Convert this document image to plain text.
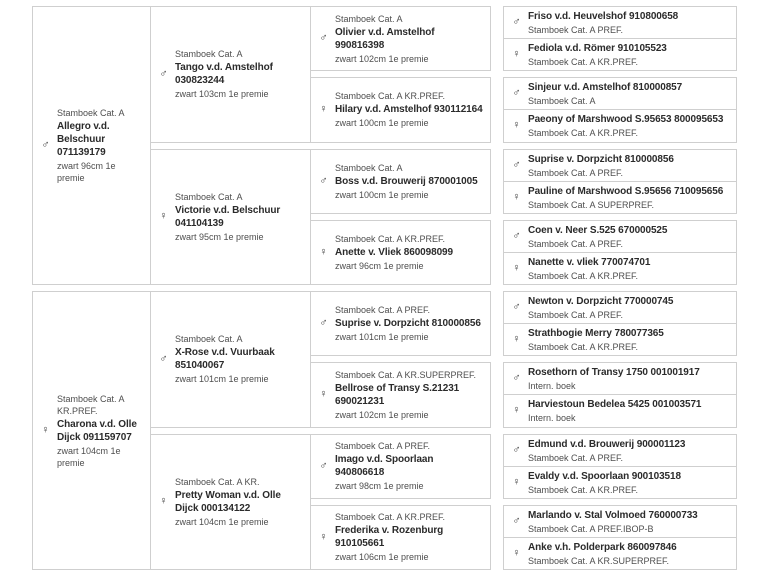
♂
Stamboek Cat. A
Allegro v.d. Belschuur 071139179
zwart 96cm 1e premie
♀
Stamboek Cat. A KR.PREF.
Charona v.d. Olle Dijck 091159707
zwart 104cm 1e premie
♂
Stamboek Cat. A
Tango v.d. Amstelhof 030823244
zwart 103cm 1e premie
♀
Stamboek Cat. A
Victorie v.d. Belschuur 041104139
zwart 95cm 1e premie
♂
Stamboek Cat. A
X-Rose v.d. Vuurbaak 851040067
zwart 101cm 1e premie
♀
Stamboek Cat. A KR.
Pretty Woman v.d. Olle Dijck 000134122
zwart 104cm 1e premie
♂
Stamboek Cat. A
Olivier v.d. Amstelhof 990816398
zwart 102cm 1e premie
♀
Stamboek Cat. A KR.PREF.
Hilary v.d. Amstelhof 930112164
zwart 100cm 1e premie
♂
Stamboek Cat. A
Boss v.d. Brouwerij 870001005
zwart 100cm 1e premie
♀
Stamboek Cat. A KR.PREF.
Anette v. Vliek 860098099
zwart 96cm 1e premie
♂
Stamboek Cat. A PREF.
Suprise v. Dorpzicht 810000856
zwart 101cm 1e premie
♀
Stamboek Cat. A KR.SUPERPREF.
Bellrose of Transy S.21231 690021231
zwart 102cm 1e premie
♂
Stamboek Cat. A PREF.
Imago v.d. Spoorlaan 940806618
zwart 98cm 1e premie
♀
Stamboek Cat. A KR.PREF.
Frederika v. Rozenburg 910105661
zwart 106cm 1e premie
♂ Friso v.d. Heuvelshof 910800658
Stamboek Cat. A PREF.
♀ Fediola v.d. Römer 910105523
Stamboek Cat. A KR.PREF.
♂ Sinjeur v.d. Amstelhof 810000857
Stamboek Cat. A
♀ Paeony of Marshwood S.95653 800095653
Stamboek Cat. A KR.PREF.
♂ Suprise v. Dorpzicht 810000856
Stamboek Cat. A PREF.
♀ Pauline of Marshwood S.95656 710095656
Stamboek Cat. A SUPERPREF.
♂ Coen v. Neer S.525 670000525
Stamboek Cat. A PREF.
♀ Nanette v. vliek 770074701
Stamboek Cat. A KR.PREF.
♂ Newton v. Dorpzicht 770000745
Stamboek Cat. A PREF.
♀ Strathbogie Merry 780077365
Stamboek Cat. A KR.PREF.
♂ Rosethorn of Transy 1750 001001917
Intern. boek
♀ Harviestoun Bedelea 5425 001003571
Intern. boek
♂ Edmund v.d. Brouwerij 900001123
Stamboek Cat. A PREF.
♀ Evaldy v.d. Spoorlaan 900103518
Stamboek Cat. A KR.PREF.
♂ Marlando v. Stal Volmoed 760000733
Stamboek Cat. A PREF.IBOP-B
♀ Anke v.h. Polderpark 860097846
Stamboek Cat. A KR.SUPERPREF.
